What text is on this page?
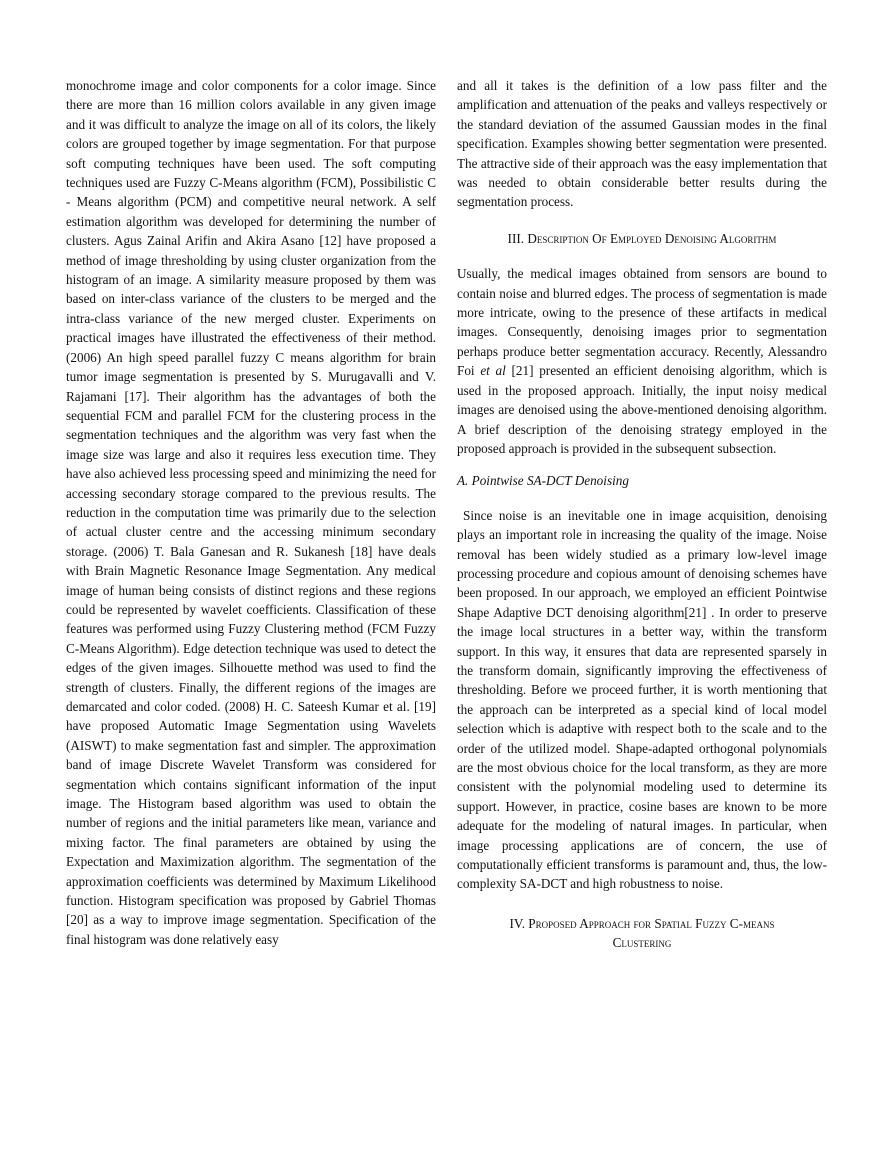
monochrome image and color components for a color image. Since there are more than 16 million colors available in any given image and it was difficult to analyze the image on all of its colors, the likely colors are grouped together by image segmentation. For that purpose soft computing techniques have been used. The soft computing techniques used are Fuzzy C-Means algorithm (FCM), Possibilistic C - Means algorithm (PCM) and competitive neural network. A self estimation algorithm was developed for determining the number of clusters. Agus Zainal Arifin and Akira Asano [12] have proposed a method of image thresholding by using cluster organization from the histogram of an image. A similarity measure proposed by them was based on inter-class variance of the clusters to be merged and the intra-class variance of the new merged cluster. Experiments on practical images have illustrated the effectiveness of their method. (2006) An high speed parallel fuzzy C means algorithm for brain tumor image segmentation is presented by S. Murugavalli and V. Rajamani [17]. Their algorithm has the advantages of both the sequential FCM and parallel FCM for the clustering process in the segmentation techniques and the algorithm was very fast when the image size was large and also it requires less execution time. They have also achieved less processing speed and minimizing the need for accessing secondary storage compared to the previous results. The reduction in the computation time was primarily due to the selection of actual cluster centre and the accessing minimum secondary storage. (2006) T. Bala Ganesan and R. Sukanesh [18] have deals with Brain Magnetic Resonance Image Segmentation. Any medical image of human being consists of distinct regions and these regions could be represented by wavelet coefficients. Classification of these features was performed using Fuzzy Clustering method (FCM Fuzzy C-Means Algorithm). Edge detection technique was used to detect the edges of the given images. Silhouette method was used to find the strength of clusters. Finally, the different regions of the images are demarcated and color coded. (2008) H. C. Sateesh Kumar et al. [19] have proposed Automatic Image Segmentation using Wavelets (AISWT) to make segmentation fast and simpler. The approximation band of image Discrete Wavelet Transform was considered for segmentation which contains significant information of the input image. The Histogram based algorithm was used to obtain the number of regions and the initial parameters like mean, variance and mixing factor. The final parameters are obtained by using the Expectation and Maximization algorithm. The segmentation of the approximation coefficients was determined by Maximum Likelihood function. Histogram specification was proposed by Gabriel Thomas [20] as a way to improve image segmentation. Specification of the final histogram was done relatively easy

and all it takes is the definition of a low pass filter and the amplification and attenuation of the peaks and valleys respectively or the standard deviation of the assumed Gaussian modes in the final specification. Examples showing better segmentation were presented. The attractive side of their approach was the easy implementation that was needed to obtain considerable better results during the segmentation process.

III. Description Of Employed Denoising Algorithm

Usually, the medical images obtained from sensors are bound to contain noise and blurred edges. The process of segmentation is made more intricate, owing to the presence of these artifacts in medical images. Consequently, denoising images prior to segmentation perhaps produce better segmentation accuracy. Recently, Alessandro Foi et al [21] presented an efficient denoising algorithm, which is used in the proposed approach. Initially, the input noisy medical images are denoised using the above-mentioned denoising algorithm. A brief description of the denoising strategy employed in the proposed approach is provided in the subsequent subsection.

A. Pointwise SA-DCT Denoising

Since noise is an inevitable one in image acquisition, denoising plays an important role in increasing the quality of the image. Noise removal has been widely studied as a primary low-level image processing procedure and copious amount of denoising schemes have been proposed. In our approach, we employed an efficient Pointwise Shape Adaptive DCT denoising algorithm[21] . In order to preserve the image local structures in a better way, within the transform support. In this way, it ensures that data are represented sparsely in the transform domain, significantly improving the effectiveness of thresholding. Before we proceed further, it is worth mentioning that the approach can be interpreted as a special kind of local model selection which is adaptive with respect both to the scale and to the order of the utilized model. Shape-adapted orthogonal polynomials are the most obvious choice for the local transform, as they are more consistent with the polynomial modeling used to determine its support. However, in practice, cosine bases are known to be more adequate for the modeling of natural images. In particular, when image processing applications are of concern, the use of computationally efficient transforms is paramount and, thus, the low-complexity SA-DCT and high robustness to noise.

IV. Proposed Approach for Spatial Fuzzy C-means
Clustering
